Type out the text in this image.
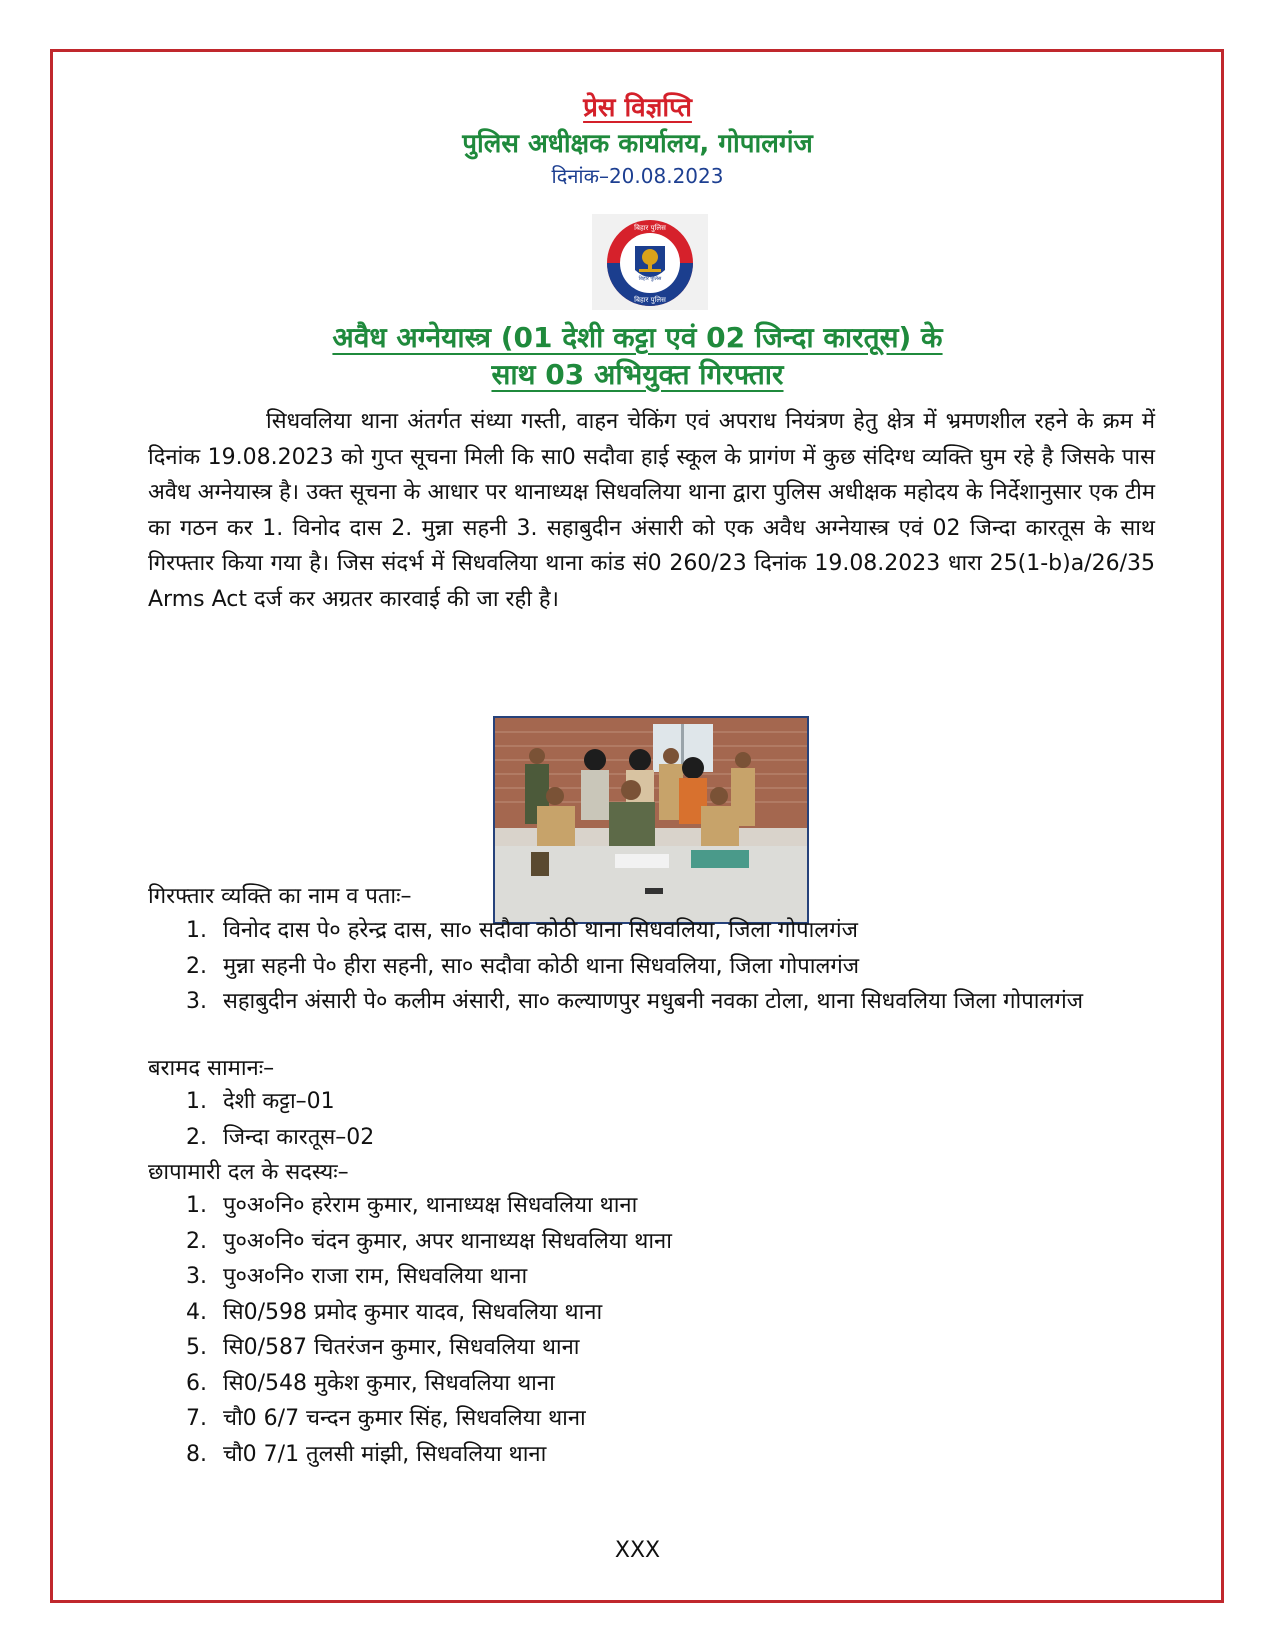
प्रेस विज्ञप्ति
पुलिस अधीक्षक कार्यालय, गोपालगंज
दिनांक–20.08.2023
बिहार पुलिस
बिहार पुलिस
बिहार पुलिस
अवैध अग्नेयास्त्र (01 देशी कट्टा एवं 02 जिन्दा कारतूस) के
साथ 03 अभियुक्त गिरफ्तार
सिधवलिया थाना अंतर्गत संध्या गस्ती, वाहन चेकिंग एवं अपराध नियंत्रण हेतु क्षेत्र में भ्रमणशील रहने के क्रम में दिनांक 19.08.2023 को गुप्त सूचना मिली कि सा0 सदौवा हाई स्कूल के प्रागंण में कुछ संदिग्ध व्यक्ति घुम रहे है जिसके पास अवैध अग्नेयास्त्र है। उक्त सूचना के आधार पर थानाध्यक्ष सिधवलिया थाना द्वारा पुलिस अधीक्षक महोदय के निर्देशानुसार एक टीम का गठन कर 1. विनोद दास 2. मुन्ना सहनी 3. सहाबुदीन अंसारी को एक अवैध अग्नेयास्त्र एवं 02 जिन्दा कारतूस के साथ गिरफ्तार किया गया है। जिस संदर्भ में सिधवलिया थाना कांड सं0 260/23 दिनांक 19.08.2023 धारा 25(1-b)a/26/35 Arms Act दर्ज कर अग्रतर कारवाई की जा रही है।
गिरफ्तार व्यक्ति का नाम व पताः–
1. विनोद दास पे० हरेन्द्र दास, सा० सदौवा कोठी थाना सिधवलिया, जिला गोपालगंज
2. मुन्ना सहनी पे० हीरा सहनी, सा० सदौवा कोठी थाना सिधवलिया, जिला गोपालगंज
3. सहाबुदीन अंसारी पे० कलीम अंसारी, सा० कल्याणपुर मधुबनी नवका टोला, थाना सिधवलिया जिला गोपालगंज
बरामद सामानः–
1. देशी कट्टा–01
2. जिन्दा कारतूस–02
छापामारी दल के सदस्यः–
1. पु०अ०नि० हरेराम कुमार, थानाध्यक्ष सिधवलिया थाना
2. पु०अ०नि० चंदन कुमार, अपर थानाध्यक्ष सिधवलिया थाना
3. पु०अ०नि० राजा राम, सिधवलिया थाना
4. सि0/598 प्रमोद कुमार यादव, सिधवलिया थाना
5. सि0/587 चितरंजन कुमार, सिधवलिया थाना
6. सि0/548 मुकेश कुमार, सिधवलिया थाना
7. चौ0 6/7 चन्दन कुमार सिंह, सिधवलिया थाना
8. चौ0 7/1 तुलसी मांझी, सिधवलिया थाना
XXX
